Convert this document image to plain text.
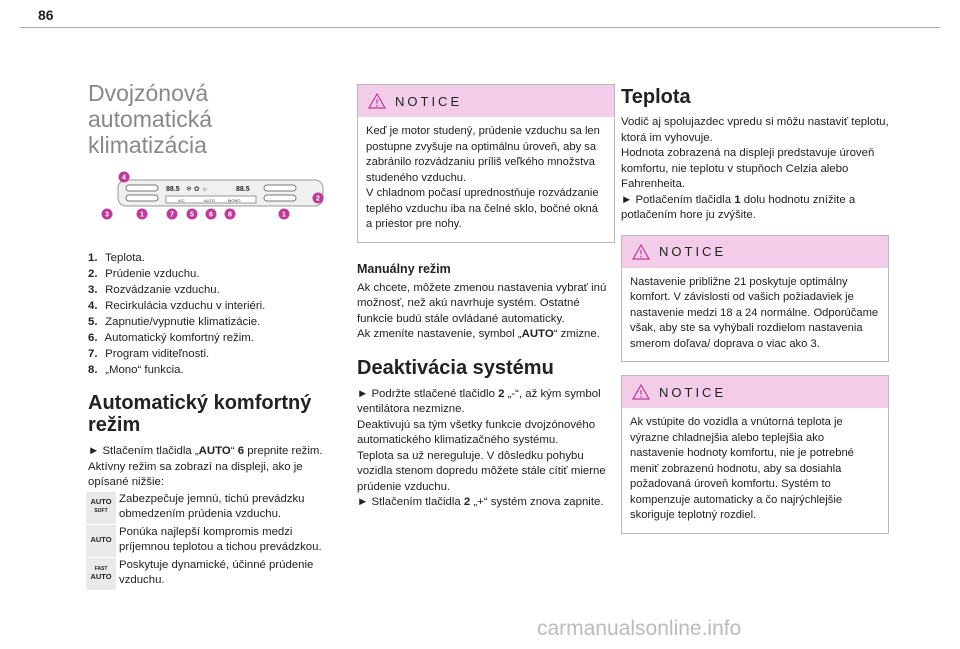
86
Dvojzónová automatická
klimatizácia
88.5 ❄ ✿ ☼	88.5
A/C	AUTO	MONO
4
3	1	7 5 6 8	1
2
1. Teplota.
2. Prúdenie vzduchu.
3. Rozvádzanie vzduchu.
4. Recirkulácia vzduchu v interiéri.
5. Zapnutie/vypnutie klimatizácie.
6. Automatický komfortný režim.
7. Program viditeľnosti.
8. „Mono“ funkcia.
Automatický komfortný
režim

► Stlačením tlačidla „AUTO“ 6 prepnite režim.

Aktívny režim sa zobrazí na displeji, ako je opísané nižšie:

AUTO
SOFT
Zabezpečuje jemnú, tichú prevádzku obmedzením prúdenia vzduchu.
AUTO
Ponúka najlepší kompromis medzi príjemnou teplotou a tichou prevádzkou.
FAST
AUTO
Poskytuje dynamické, účinné prúdenie vzduchu.
NOTICE
Keď je motor studený, prúdenie vzduchu sa len postupne zvyšuje na optimálnu úroveň, aby sa zabránilo rozvádzaniu príliš veľkého množstva studeného vzduchu.
V chladnom počasí uprednostňuje rozvádzanie teplého vzduchu iba na čelné sklo, bočné okná a priestor pre nohy.
Manuálny režim

Ak chcete, môžete zmenou nastavenia vybrať inú možnosť, než akú navrhuje systém. Ostatné funkcie budú stále ovládané automaticky.
Ak zmeníte nastavenie, symbol „AUTO“ zmizne.

Deaktivácia systému

► Podržte stlačené tlačidlo 2 „-“, až kým symbol ventilátora nezmizne.
Deaktivujú sa tým všetky funkcie dvojzónového automatického klimatizačného systému.
Teplota sa už nereguluje. V dôsledku pohybu vozidla stenom dopredu môžete stále cítiť mierne prúdenie vzduchu.
► Stlačením tlačidla 2 „+“ systém znova zapnite.

Teplota

Vodič aj spolujazdec vpredu si môžu nastaviť teplotu, ktorá im vyhovuje.
Hodnota zobrazená na displeji predstavuje úroveň komfortu, nie teplotu v stupňoch Celzia alebo Fahrenheita.
► Potlačením tlačidla 1 dolu hodnotu znížite a potlačením hore ju zvýšite.

NOTICE
Nastavenie približne 21 poskytuje optimálny komfort. V závislosti od vašich požiadaviek je nastavenie medzi 18 a 24 normálne. Odporúčame však, aby ste sa vyhýbali rozdielom nastavenia smerom doľava/ doprava o viac ako 3.
NOTICE
Ak vstúpite do vozidla a vnútorná teplota je výrazne chladnejšia alebo teplejšia ako nastavenie hodnoty komfortu, nie je potrebné meniť zobrazenú hodnotu, aby sa dosiahla požadovaná úroveň komfortu. Systém to kompenzuje automaticky a čo najrýchlejšie skoriguje teplotný rozdiel.
carmanualsonline.info
